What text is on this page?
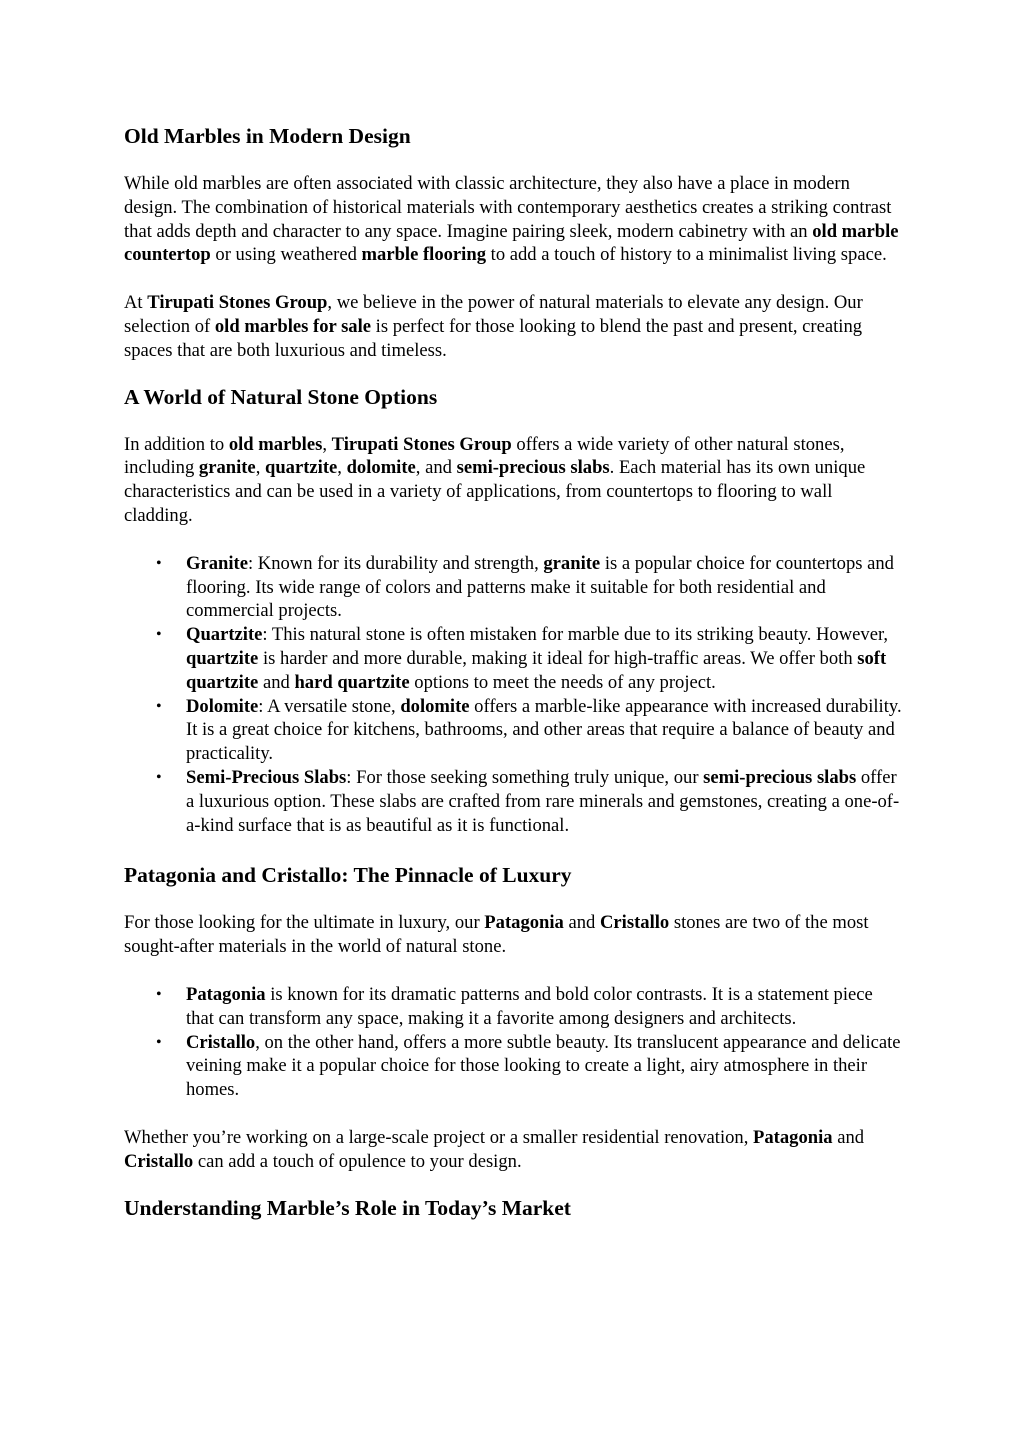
Old Marbles in Modern Design

While old marbles are often associated with classic architecture, they also have a place in modern design. The combination of historical materials with contemporary aesthetics creates a striking contrast that adds depth and character to any space. Imagine pairing sleek, modern cabinetry with an old marble countertop or using weathered marble flooring to add a touch of history to a minimalist living space.

At Tirupati Stones Group, we believe in the power of natural materials to elevate any design. Our selection of old marbles for sale is perfect for those looking to blend the past and present, creating spaces that are both luxurious and timeless.

A World of Natural Stone Options

In addition to old marbles, Tirupati Stones Group offers a wide variety of other natural stones, including granite, quartzite, dolomite, and semi-precious slabs. Each material has its own unique characteristics and can be used in a variety of applications, from countertops to flooring to wall cladding.

• Granite: Known for its durability and strength, granite is a popular choice for countertops and flooring. Its wide range of colors and patterns make it suitable for both residential and commercial projects.
• Quartzite: This natural stone is often mistaken for marble due to its striking beauty. However, quartzite is harder and more durable, making it ideal for high-traffic areas. We offer both soft quartzite and hard quartzite options to meet the needs of any project.
• Dolomite: A versatile stone, dolomite offers a marble-like appearance with increased durability. It is a great choice for kitchens, bathrooms, and other areas that require a balance of beauty and practicality.
• Semi-Precious Slabs: For those seeking something truly unique, our semi-precious slabs offer a luxurious option. These slabs are crafted from rare minerals and gemstones, creating a one-of-a-kind surface that is as beautiful as it is functional.
Patagonia and Cristallo: The Pinnacle of Luxury

For those looking for the ultimate in luxury, our Patagonia and Cristallo stones are two of the most sought-after materials in the world of natural stone.

• Patagonia is known for its dramatic patterns and bold color contrasts. It is a statement piece that can transform any space, making it a favorite among designers and architects.
• Cristallo, on the other hand, offers a more subtle beauty. Its translucent appearance and delicate veining make it a popular choice for those looking to create a light, airy atmosphere in their homes.

Whether you’re working on a large-scale project or a smaller residential renovation, Patagonia and Cristallo can add a touch of opulence to your design.

Understanding Marble’s Role in Today’s Market
